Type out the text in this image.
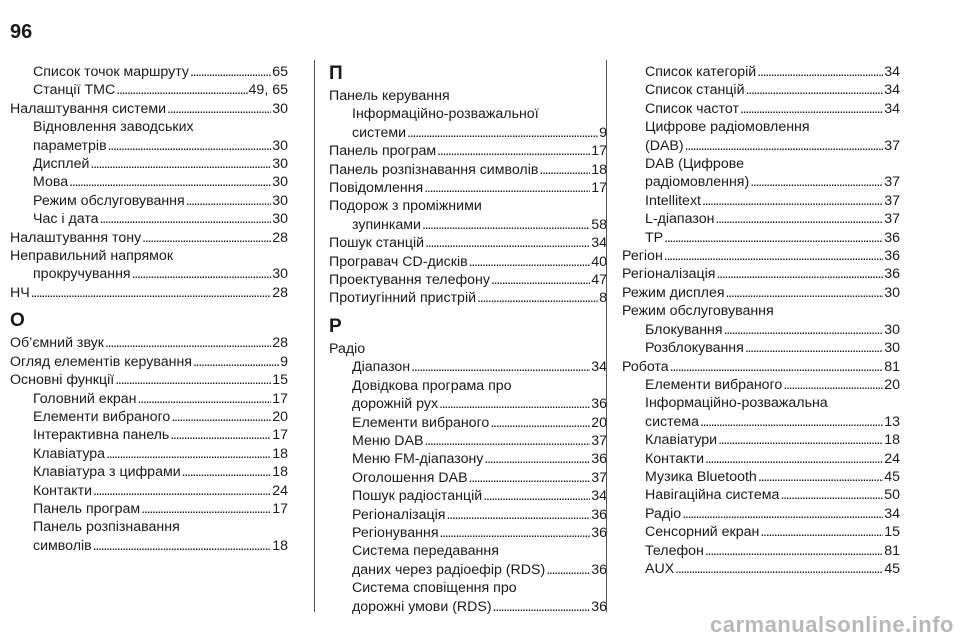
96
Список точок маршруту . . .	65
Станції TMC . . .	49, 65
Налаштування системи . . .	30
Відновлення заводських
параметрів . . .	30
Дисплей . . .	30
Мова . . .	30
Режим обслуговування . . .	30
Час і дата . . .	30
Налаштування тону . . .	28
Неправильний напрямок
прокручування . . .	30
НЧ . . .	28
О
Об’ємний звук . . .	28
Огляд елементів керування . . .	9
Основні функції . . .	15
Головний екран . . .	17
Елементи вибраного . . .	20
Інтерактивна панель . . .	17
Клавіатура . . .	18
Клавіатура з цифрами . . .	18
Контакти . . .	24
Панель програм . . .	17
Панель розпізнавання
символів . . .	18
П
Панель керування
Інформаційно-розважальної
системи . . .	9
Панель програм . . .	17
Панель розпізнавання символів . . .	18
Повідомлення . . .	17
Подорож з проміжними
зупинками . . .	58
Пошук станцій . . .	34
Програвач CD-дисків . . .	40
Проектування телефону . . .	47
Протиугінний пристрій . . .	8
Р
Радіо
Діапазон . . .	34
Довідкова програма про
дорожній рух . . .	36
Елементи вибраного . . .	20
Меню DAB . . .	37
Меню FM-діапазону . . .	36
Оголошення DAB . . .	37
Пошук радіостанцій . . .	34
Регіоналізація . . .	36
Регіонування . . .	36
Система передавання
даних через радіоефір (RDS) . . .	36
Система сповіщення про
дорожні умови (RDS) . . .	36
Список категорій . . .	34
Список станцій . . .	34
Список частот . . .	34
Цифрове радіомовлення
(DAB) . . .	37
DAB (Цифрове
радіомовлення) . . .	37
Intellitext . . .	37
L-діапазон . . .	37
TP . . .	36
Регіон . . .	36
Регіоналізація . . .	36
Режим дисплея . . .	30
Режим обслуговування
Блокування . . .	30
Розблокування . . .	30
Робота . . .	81
Елементи вибраного . . .	20
Інформаційно-розважальна
система . . .	13
Клавіатури . . .	18
Контакти . . .	24
Музика Bluetooth . . .	45
Навігаційна система . . .	50
Радіо . . .	34
Сенсорний екран . . .	15
Телефон . . .	81
AUX . . .	45
carmanualsonline.info
